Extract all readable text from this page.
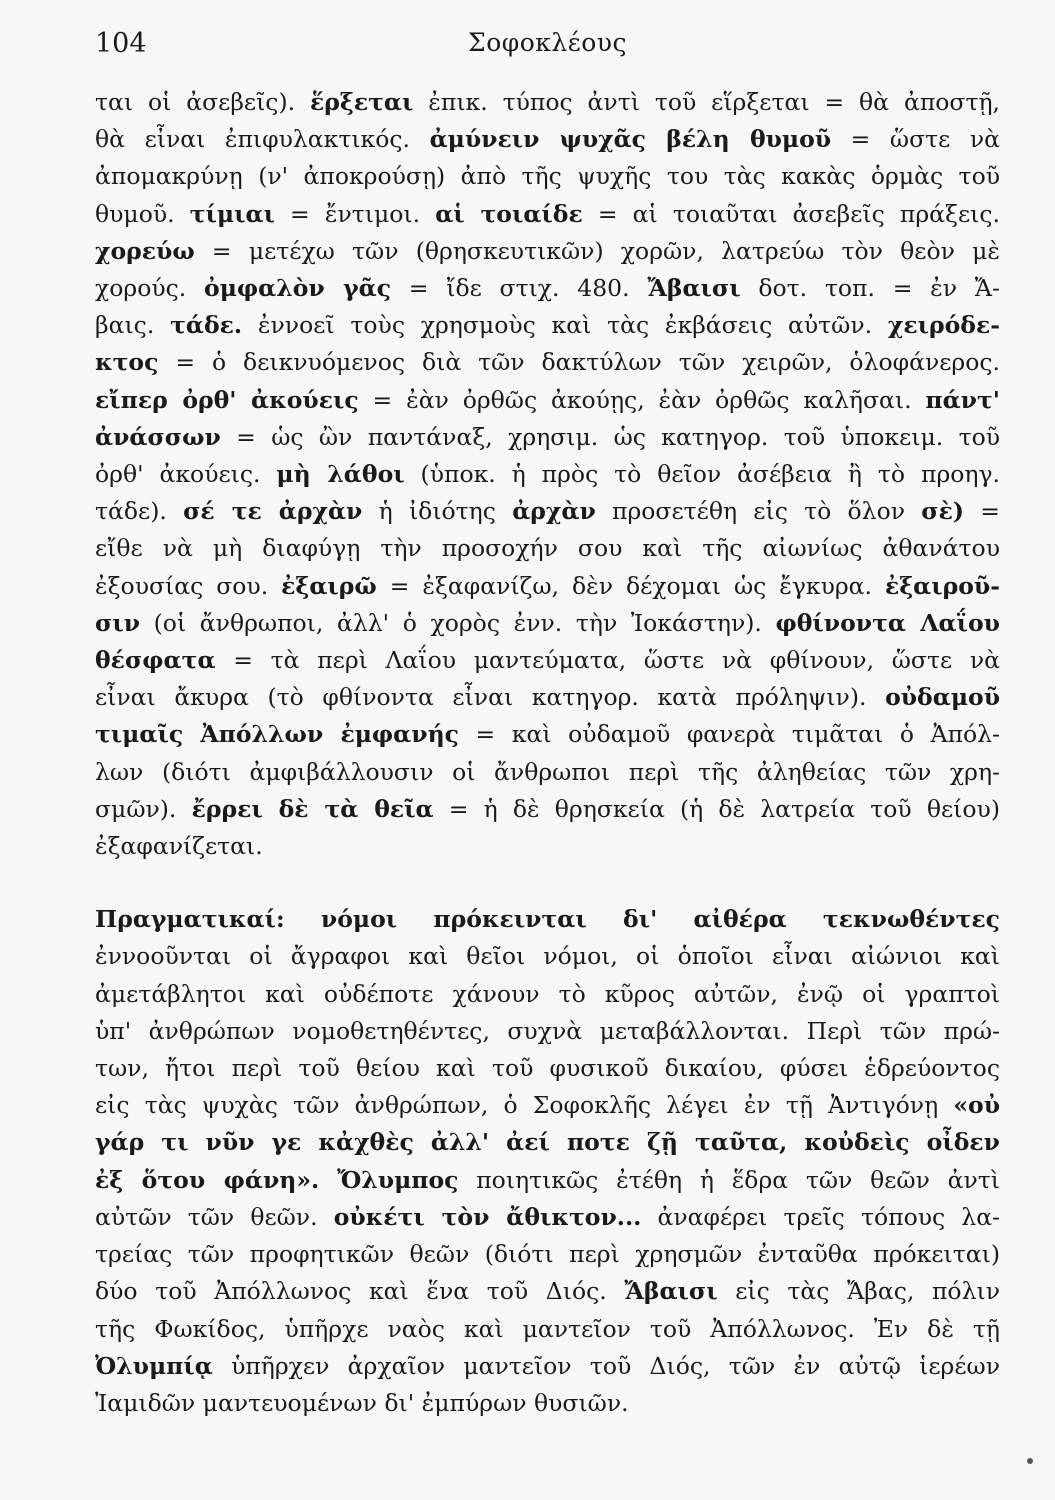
104	Σοφοκλέους
ται οἱ ἀσεβεῖς). ἕρξεται ἐπικ. τύπος ἀντὶ τοῦ εἵρξεται = θὰ ἀποστῇ,
θὰ εἶναι ἐπιφυλακτικός. ἀμύνειν ψυχᾶς βέλη θυμοῦ = ὥστε νὰ
ἀπομακρύνῃ (ν' ἀποκρούσῃ) ἀπὸ τῆς ψυχῆς του τὰς κακὰς ὁρμὰς τοῦ
θυμοῦ. τίμιαι = ἔντιμοι. αἱ τοιαίδε = αἱ τοιαῦται ἀσεβεῖς πράξεις.
χορεύω = μετέχω τῶν (θρησκευτικῶν) χορῶν, λατρεύω τὸν θεὸν μὲ
χορούς. ὀμφαλὸν γᾶς = ἴδε στιχ. 480. Ἄβαισι δοτ. τοπ. = ἐν Ἄ-
βαις. τάδε. ἐννοεῖ τοὺς χρησμοὺς καὶ τὰς ἐκβάσεις αὐτῶν. χειρόδε-
κτος = ὁ δεικνυόμενος διὰ τῶν δακτύλων τῶν χειρῶν, ὁλοφάνερος.
εἴπερ ὀρθ' ἀκούεις = ἐὰν ὀρθῶς ἀκούῃς, ἐὰν ὀρθῶς καλῆσαι. πάντ'
ἀνάσσων = ὡς ὢν παντάναξ, χρησιμ. ὡς κατηγορ. τοῦ ὑποκειμ. τοῦ
ὀρθ' ἀκούεις. μὴ λάθοι (ὑποκ. ἡ πρὸς τὸ θεῖον ἀσέβεια ἢ τὸ προηγ.
τάδε). σέ τε ἀρχὰν ἡ ἰδιότης ἀρχὰν προσετέθη εἰς τὸ ὅλον σὲ) =
εἴθε νὰ μὴ διαφύγῃ τὴν προσοχήν σου καὶ τῆς αἰωνίως ἀθανάτου
ἐξουσίας σου. ἐξαιρῶ = ἐξαφανίζω, δὲν δέχομαι ὡς ἔγκυρα. ἐξαιροῦ-
σιν (οἱ ἄνθρωποι, ἀλλ' ὁ χορὸς ἐνν. τὴν Ἰοκάστην). φθίνοντα Λαΐου
θέσφατα = τὰ περὶ Λαΐου μαντεύματα, ὥστε νὰ φθίνουν, ὥστε νὰ
εἶναι ἄκυρα (τὸ φθίνοντα εἶναι κατηγορ. κατὰ πρόληψιν). οὐδαμοῦ
τιμαῖς Ἀπόλλων ἐμφανής = καὶ οὐδαμοῦ φανερὰ τιμᾶται ὁ Ἀπόλ-
λων (διότι ἀμφιβάλλουσιν οἱ ἄνθρωποι περὶ τῆς ἀληθείας τῶν χρη-
σμῶν). ἔρρει δὲ τὰ θεῖα = ἡ δὲ θρησκεία (ἡ δὲ λατρεία τοῦ θείου)
ἐξαφανίζεται.
Πραγματικαί: νόμοι πρόκεινται δι' αἰθέρα τεκνωθέντες
ἐννοοῦνται οἱ ἄγραφοι καὶ θεῖοι νόμοι, οἱ ὁποῖοι εἶναι αἰώνιοι καὶ
ἀμετάβλητοι καὶ οὐδέποτε χάνουν τὸ κῦρος αὐτῶν, ἐνῷ οἱ γραπτοὶ
ὑπ' ἀνθρώπων νομοθετηθέντες, συχνὰ μεταβάλλονται. Περὶ τῶν πρώ-
των, ἤτοι περὶ τοῦ θείου καὶ τοῦ φυσικοῦ δικαίου, φύσει ἑδρεύοντος
εἰς τὰς ψυχὰς τῶν ἀνθρώπων, ὁ Σοφοκλῆς λέγει ἐν τῇ Ἀντιγόνῃ «οὐ
γάρ τι νῦν γε κἀχθὲς ἀλλ' ἀεί ποτε ζῇ ταῦτα, κοὐδεὶς οἶδεν
ἐξ ὅτου φάνη». Ὄλυμπος ποιητικῶς ἐτέθη ἡ ἕδρα τῶν θεῶν ἀντὶ
αὐτῶν τῶν θεῶν. οὐκέτι τὸν ἄθικτον... ἀναφέρει τρεῖς τόπους λα-
τρείας τῶν προφητικῶν θεῶν (διότι περὶ χρησμῶν ἐνταῦθα πρόκειται)
δύο τοῦ Ἀπόλλωνος καὶ ἕνα τοῦ Διός. Ἄβαισι εἰς τὰς Ἄβας, πόλιν
τῆς Φωκίδος, ὑπῆρχε ναὸς καὶ μαντεῖον τοῦ Ἀπόλλωνος. Ἐν δὲ τῇ
Ὀλυμπίᾳ ὑπῆρχεν ἀρχαῖον μαντεῖον τοῦ Διός, τῶν ἐν αὐτῷ ἱερέων
Ἰαμιδῶν μαντευομένων δι' ἐμπύρων θυσιῶν.
